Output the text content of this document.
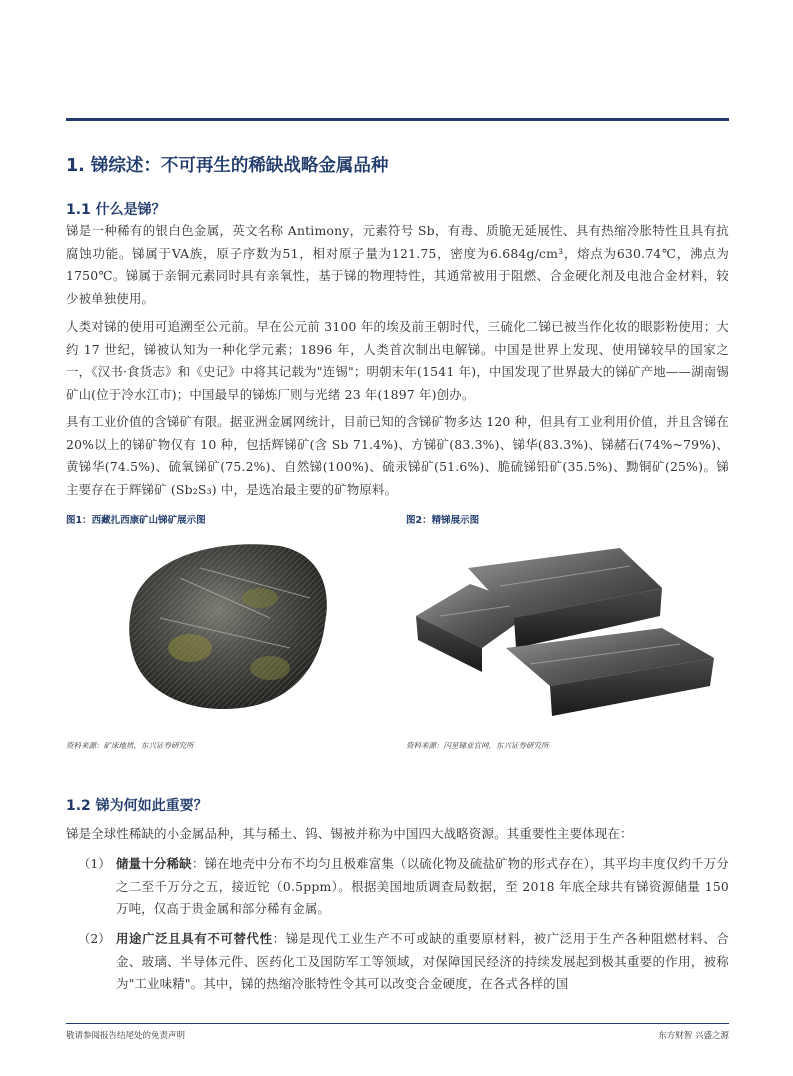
1. 锑综述：不可再生的稀缺战略金属品种
1.1 什么是锑？
锑是一种稀有的银白色金属，英文名称 Antimony，元素符号 Sb，有毒、质脆无延展性、具有热缩冷胀特性且具有抗腐蚀功能。锑属于VA族，原子序数为51，相对原子量为121.75，密度为6.684g/cm³，熔点为630.74℃，沸点为1750℃。锑属于亲铜元素同时具有亲氧性，基于锑的物理特性，其通常被用于阻燃、合金硬化剂及电池合金材料，较少被单独使用。
人类对锑的使用可追溯至公元前。早在公元前 3100 年的埃及前王朝时代，三硫化二锑已被当作化妆的眼影粉使用；大约 17 世纪，锑被认知为一种化学元素；1896 年，人类首次制出电解锑。中国是世界上发现、使用锑较早的国家之一，《汉书·食货志》和《史记》中将其记载为"连锡"；明朝末年(1541 年)，中国发现了世界最大的锑矿产地——湖南锡矿山(位于冷水江市)；中国最早的锑炼厂则与光绪 23 年(1897 年)创办。
具有工业价值的含锑矿有限。据亚洲金属网统计，目前已知的含锑矿物多达 120 种，但具有工业利用价值，并且含锑在 20%以上的锑矿物仅有 10 种，包括辉锑矿(含 Sb 71.4%)、方锑矿(83.3%)、锑华(83.3%)、锑赭石(74%~79%)、黄锑华(74.5%)、硫氧锑矿(75.2%)、自然锑(100%)、硫汞锑矿(51.6%)、脆硫锑铅矿(35.5%)、黝铜矿(25%)。锑主要存在于辉锑矿 (Sb₂S₃) 中，是选冶最主要的矿物原料。
图1：西藏扎西康矿山锑矿展示图	图2：精锑展示图
资料来源：矿床地质，东兴证券研究所	资料来源：闪星锑业官网，东兴证券研究所
1.2 锑为何如此重要？
锑是全球性稀缺的小金属品种，其与稀土、钨、锡被并称为中国四大战略资源。其重要性主要体现在：
（1） 储量十分稀缺：锑在地壳中分布不均匀且极难富集（以硫化物及硫盐矿物的形式存在），其平均丰度仅约千万分之二至千万分之五，接近铊（0.5ppm）。根据美国地质调查局数据，至 2018 年底全球共有锑资源储量 150 万吨，仅高于贵金属和部分稀有金属。
（2） 用途广泛且具有不可替代性：锑是现代工业生产不可或缺的重要原材料，被广泛用于生产各种阻燃材料、合金、玻璃、半导体元件、医药化工及国防军工等领域，对保障国民经济的持续发展起到极其重要的作用，被称为"工业味精"。其中，锑的热缩冷胀特性令其可以改变合金硬度，在各式各样的国
敬请参阅报告结尾处的免责声明	东方财智 兴盛之源
